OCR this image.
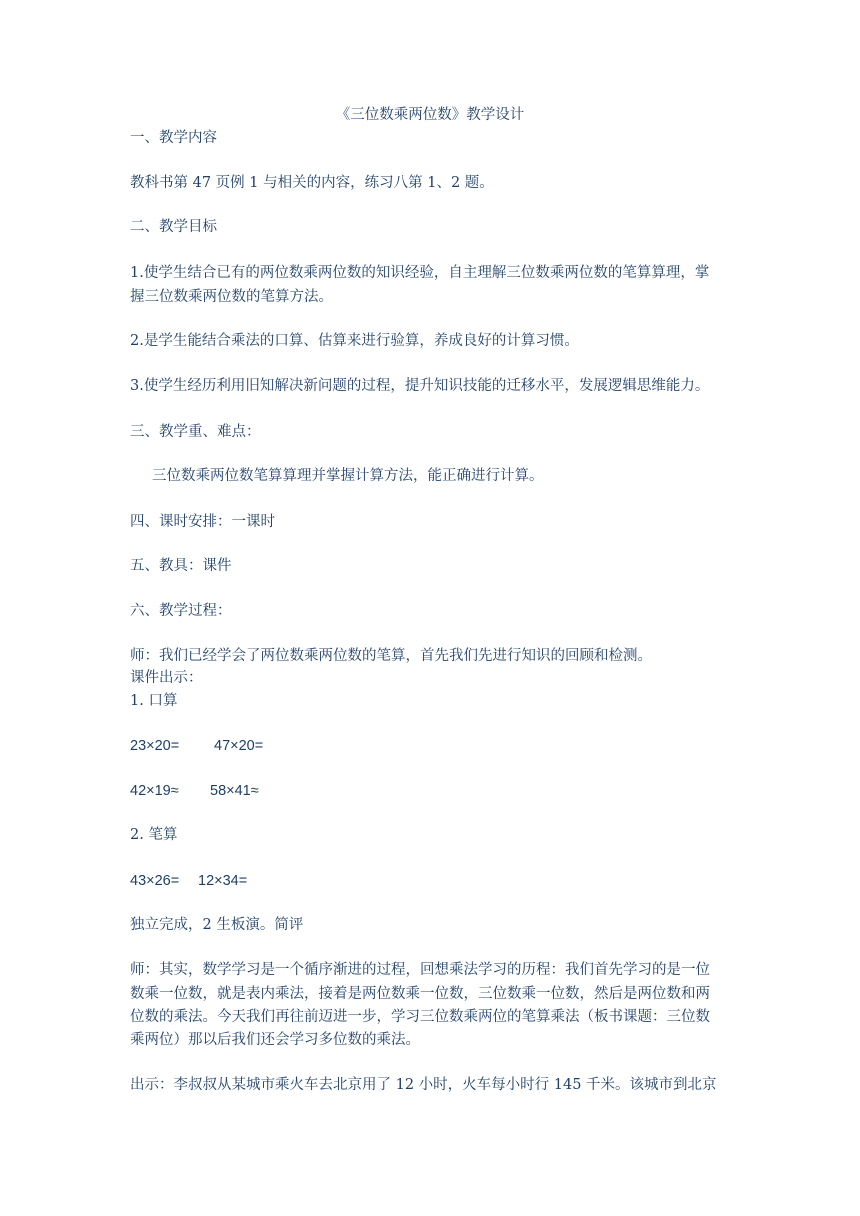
《三位数乘两位数》教学设计
一、教学内容
教科书第 47 页例 1 与相关的内容，练习八第 1、2 题。
二、教学目标
1.使学生结合已有的两位数乘两位数的知识经验，自主理解三位数乘两位数的笔算算理，掌
握三位数乘两位数的笔算方法。
2.是学生能结合乘法的口算、估算来进行验算，养成良好的计算习惯。
3.使学生经历利用旧知解决新问题的过程，提升知识技能的迁移水平，发展逻辑思维能力。
三、教学重、难点：
三位数乘两位数笔算算理并掌握计算方法，能正确进行计算。
四、课时安排：一课时
五、教具：课件
六、教学过程：
师：我们已经学会了两位数乘两位数的笔算，首先我们先进行知识的回顾和检测。
课件出示：
1. 口算
23×20= 47×20=
42×19≈ 58×41≈
2. 笔算
43×26= 12×34=
独立完成，2 生板演。简评
师：其实，数学学习是一个循序渐进的过程，回想乘法学习的历程：我们首先学习的是一位
数乘一位数，就是表内乘法，接着是两位数乘一位数，三位数乘一位数，然后是两位数和两
位数的乘法。今天我们再往前迈进一步，学习三位数乘两位的笔算乘法（板书课题：三位数
乘两位）那以后我们还会学习多位数的乘法。
出示：李叔叔从某城市乘火车去北京用了 12 小时，火车每小时行 145 千米。该城市到北京
